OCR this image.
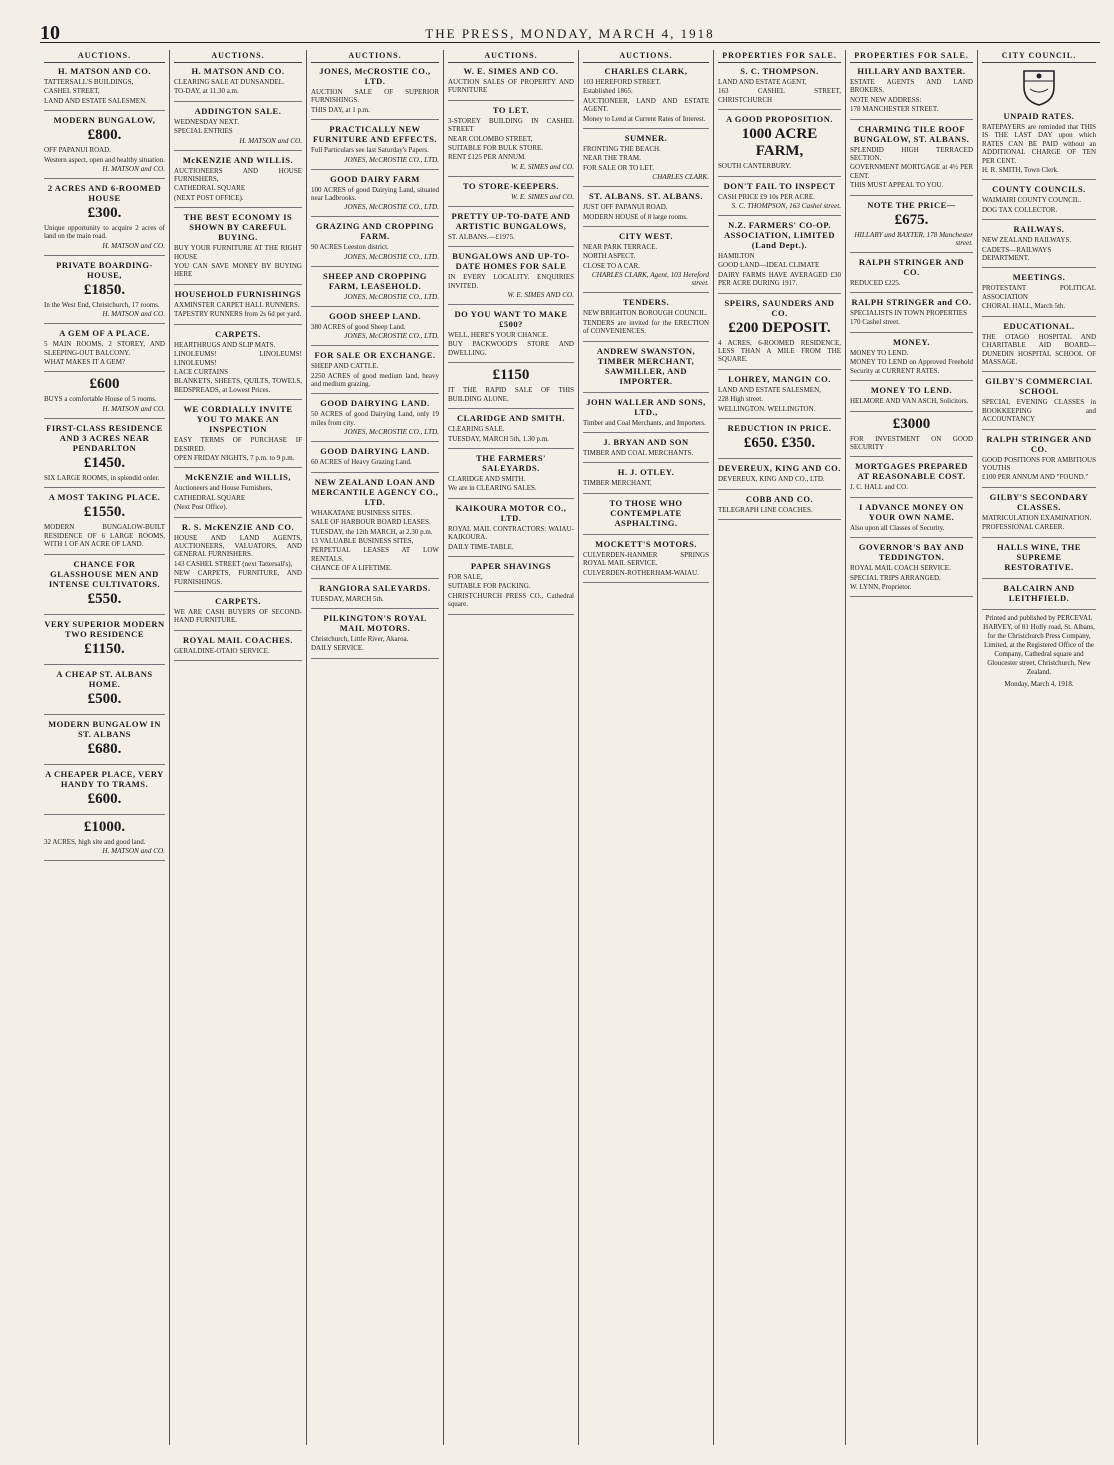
10	THE PRESS, MONDAY, MARCH 4, 1918
AUCTIONS.
H. MATSON AND CO.
TATTERSALL'S BUILDINGS,
CASHEL STREET,
LAND AND ESTATE SALESMEN.
MODERN BUNGALOW,
£800.
OFF PAPANUI ROAD.
Western aspect, open and healthy situation.
H. MATSON and CO.
2 ACRES AND 6-ROOMED HOUSE
£300.
Unique opportunity to acquire 2 acres of land on the main road.
H. MATSON and CO.
PRIVATE BOARDING-HOUSE,
£1850.
In the West End, Christchurch, 17 rooms.
H. MATSON and CO.
A GEM OF A PLACE.
5 MAIN ROOMS, 2 STOREY, AND SLEEPING-OUT BALCONY.
WHAT MAKES IT A GEM?
£600
BUYS a comfortable House of 5 rooms.
H. MATSON and CO.
FIRST-CLASS RESIDENCE AND 3 ACRES NEAR PENDARLTON
£1450.
SIX LARGE ROOMS, in splendid order.
A MOST TAKING PLACE.
£1550.
MODERN BUNGALOW-BUILT RESIDENCE OF 6 LARGE ROOMS, WITH 1 OF AN ACRE OF LAND.
CHANCE FOR GLASSHOUSE MEN AND INTENSE CULTIVATORS.
£550.
VERY SUPERIOR MODERN TWO RESIDENCE
£1150.
A CHEAP ST. ALBANS HOME.
£500.
MODERN BUNGALOW IN ST. ALBANS
£680.
A CHEAPER PLACE, VERY HANDY TO TRAMS.
£600.
£1000.
32 ACRES, high site and good land.
H. MATSON and CO.
AUCTIONS.
H. MATSON AND CO.
CLEARING SALE AT DUNSANDEL.
TO-DAY, at 11.30 a.m.
ADDINGTON SALE.
WEDNESDAY NEXT.
SPECIAL ENTRIES
H. MATSON and CO.
McKENZIE AND WILLIS.
AUCTIONEERS AND HOUSE FURNISHERS,
CATHEDRAL SQUARE
(NEXT POST OFFICE).
THE BEST ECONOMY IS SHOWN BY CAREFUL BUYING.
BUY YOUR FURNITURE AT THE RIGHT HOUSE
YOU CAN SAVE MONEY BY BUYING HERE
HOUSEHOLD FURNISHINGS
AXMINSTER CARPET HALL RUNNERS.
TAPESTRY RUNNERS from 2s 6d per yard.
CARPETS.
HEARTHRUGS AND SLIP MATS.
LINOLEUMS! LINOLEUMS! LINOLEUMS!
LACE CURTAINS
BLANKETS, SHEETS, QUILTS, TOWELS, BEDSPREADS, at Lowest Prices.
WE CORDIALLY INVITE YOU TO MAKE AN INSPECTION
EASY TERMS OF PURCHASE IF DESIRED.
OPEN FRIDAY NIGHTS, 7 p.m. to 9 p.m.
McKENZIE and WILLIS,
Auctioneers and House Furnishers,
CATHEDRAL SQUARE
(Next Post Office).
R. S. McKENZIE AND CO.
HOUSE AND LAND AGENTS, AUCTIONEERS, VALUATORS, AND GENERAL FURNISHERS.
143 CASHEL STREET (next Tattersall's),
NEW CARPETS, FURNITURE, AND FURNISHINGS.
CARPETS.
WE ARE CASH BUYERS OF SECOND-HAND FURNITURE.
ROYAL MAIL COACHES.
GERALDINE-OTAIO SERVICE.
AUCTIONS.
JONES, McCROSTIE CO., LTD.
AUCTION SALE OF SUPERIOR FURNISHINGS.
THIS DAY, at 1 p.m.
PRACTICALLY NEW FURNITURE AND EFFECTS.
Full Particulars see last Saturday's Papers.
JONES, McCROSTIE CO., LTD.
GOOD DAIRY FARM
100 ACRES of good Dairying Land, situated near Ladbrooks.
JONES, McCROSTIE CO., LTD.
GRAZING AND CROPPING FARM.
90 ACRES Leeston district.
JONES, McCROSTIE CO., LTD.
SHEEP AND CROPPING FARM, LEASEHOLD.
JONES, McCROSTIE CO., LTD.
GOOD SHEEP LAND.
380 ACRES of good Sheep Land.
JONES, McCROSTIE CO., LTD.
FOR SALE OR EXCHANGE.
SHEEP AND CATTLE.
2250 ACRES of good medium land, heavy and medium grazing.
GOOD DAIRYING LAND.
50 ACRES of good Dairying Land, only 19 miles from city.
JONES, McCROSTIE CO., LTD.
GOOD DAIRYING LAND.
60 ACRES of Heavy Grazing Land.
NEW ZEALAND LOAN AND MERCANTILE AGENCY CO., LTD.
WHAKATANE BUSINESS SITES.
SALE OF HARBOUR BOARD LEASES.
TUESDAY, the 12th MARCH, at 2.30 p.m.
13 VALUABLE BUSINESS SITES,
PERPETUAL LEASES AT LOW RENTALS.
CHANCE OF A LIFETIME.
RANGIORA SALEYARDS.
TUESDAY, MARCH 5th.
PILKINGTON'S ROYAL MAIL MOTORS.
Christchurch, Little River, Akaroa.
DAILY SERVICE.
AUCTIONS.
W. E. SIMES AND CO.
AUCTION SALES OF PROPERTY AND FURNITURE
TO LET.
3-STOREY BUILDING IN CASHEL STREET
NEAR COLOMBO STREET,
SUITABLE FOR BULK STORE.
RENT £125 PER ANNUM.
W. E. SIMES and CO.
TO STORE-KEEPERS.
W. E. SIMES and CO.
PRETTY UP-TO-DATE AND ARTISTIC BUNGALOWS,
ST. ALBANS.—£1975.
BUNGALOWS AND UP-TO-DATE HOMES FOR SALE
IN EVERY LOCALITY. ENQUIRIES INVITED.
W. E. SIMES AND CO.
DO YOU WANT TO MAKE £500?
WELL, HERE'S YOUR CHANCE.
BUY PACKWOOD'S STORE AND DWELLING.
£1150
IT THE RAPID SALE OF THIS BUILDING ALONE.
CLARIDGE AND SMITH.
CLEARING SALE.
TUESDAY, MARCH 5th, 1.30 p.m.
THE FARMERS' SALEYARDS.
CLARIDGE AND SMITH.
We are in CLEARING SALES.
KAIKOURA MOTOR CO., LTD.
ROYAL MAIL CONTRACTORS: WAIAU-KAIKOURA.
DAILY TIME-TABLE.
PAPER SHAVINGS
FOR SALE,
SUITABLE FOR PACKING.
CHRISTCHURCH PRESS CO., Cathedral square.
AUCTIONS.
CHARLES CLARK,
103 HEREFORD STREET.
Established 1865.
AUCTIONEER, LAND AND ESTATE AGENT.
Money to Lend at Current Rates of Interest.
SUMNER.
FRONTING THE BEACH.
NEAR THE TRAM.
FOR SALE OR TO LET.
CHARLES CLARK.
ST. ALBANS. ST. ALBANS.
JUST OFF PAPANUI ROAD.
MODERN HOUSE of 8 large rooms.
CITY WEST.
NEAR PARK TERRACE.
NORTH ASPECT.
CLOSE TO A CAR.
CHARLES CLARK, Agent, 103 Hereford street.
TENDERS.
NEW BRIGHTON BOROUGH COUNCIL.
TENDERS are invited for the ERECTION of CONVENIENCES.
ANDREW SWANSTON, TIMBER MERCHANT, SAWMILLER, AND IMPORTER.
JOHN WALLER AND SONS, LTD.,
Timber and Coal Merchants, and Importers.
J. BRYAN AND SON
TIMBER AND COAL MERCHANTS.
H. J. OTLEY.
TIMBER MERCHANT,
TO THOSE WHO CONTEMPLATE ASPHALTING.
MOCKETT'S MOTORS.
CULVERDEN-HANMER SPRINGS ROYAL MAIL SERVICE.
CULVERDEN-ROTHERHAM-WAIAU.
PROPERTIES FOR SALE.
S. C. THOMPSON.
LAND AND ESTATE AGENT,
163 CASHEL STREET, CHRISTCHURCH
A GOOD PROPOSITION.
1000 ACRE FARM,
SOUTH CANTERBURY.
DON'T FAIL TO INSPECT
CASH PRICE £9 10s PER ACRE.
S. C. THOMPSON, 163 Cashel street.
N.Z. FARMERS' CO-OP. ASSOCIATION, LIMITED (Land Dept.).
HAMILTON
GOOD LAND—IDEAL CLIMATE
DAIRY FARMS HAVE AVERAGED £30 PER ACRE DURING 1917.
SPEIRS, SAUNDERS AND CO.
£200 DEPOSIT.
4 ACRES, 6-ROOMED RESIDENCE, LESS THAN A MILE FROM THE SQUARE.
LOHREY, MANGIN CO.
LAND AND ESTATE SALESMEN,
228 High street.
WELLINGTON. WELLINGTON.
REDUCTION IN PRICE.
£650. £350.
DEVEREUX, KING AND CO.
DEVEREUX, KING AND CO., LTD.
COBB AND CO.
TELEGRAPH LINE COACHES.
PROPERTIES FOR SALE.
HILLARY AND BAXTER.
ESTATE AGENTS AND LAND BROKERS.
NOTE NEW ADDRESS:
178 MANCHESTER STREET.
CHARMING TILE ROOF BUNGALOW, ST. ALBANS.
SPLENDID HIGH TERRACED SECTION.
GOVERNMENT MORTGAGE at 4½ PER CENT.
THIS MUST APPEAL TO YOU.
NOTE THE PRICE—
£675.
HILLARY and BAXTER, 178 Manchester street.
RALPH STRINGER AND CO.
REDUCED £225.
RALPH STRINGER and CO.
SPECIALISTS IN TOWN PROPERTIES
170 Cashel street.
MONEY.
MONEY TO LEND.
MONEY TO LEND on Approved Freehold Security at CURRENT RATES.
MONEY TO LEND.
HELMORE AND VAN ASCH, Solicitors.
£3000
FOR INVESTMENT ON GOOD SECURITY
MORTGAGES PREPARED AT REASONABLE COST.
J. C. HALL and CO.
I ADVANCE MONEY ON YOUR OWN NAME.
Also upon all Classes of Security.
GOVERNOR'S BAY AND TEDDINGTON.
ROYAL MAIL COACH SERVICE.
SPECIAL TRIPS ARRANGED.
W. LYNN, Proprietor.
CITY COUNCIL.
UNPAID RATES.
RATEPAYERS are reminded that THIS IS THE LAST DAY upon which RATES CAN BE PAID without an ADDITIONAL CHARGE OF TEN PER CENT.
H. R. SMITH, Town Clerk.
COUNTY COUNCILS.
WAIMAIRI COUNTY COUNCIL.
DOG TAX COLLECTOR.
RAILWAYS.
NEW ZEALAND RAILWAYS.
CADETS—RAILWAYS DEPARTMENT.
MEETINGS.
PROTESTANT POLITICAL ASSOCIATION
CHORAL HALL, March 5th.
EDUCATIONAL.
THE OTAGO HOSPITAL AND CHARITABLE AID BOARD—DUNEDIN HOSPITAL SCHOOL OF MASSAGE.
GILBY'S COMMERCIAL SCHOOL
SPECIAL EVENING CLASSES in BOOKKEEPING and ACCOUNTANCY
RALPH STRINGER AND CO.
GOOD POSITIONS FOR AMBITIOUS YOUTHS
£100 PER ANNUM AND "FOUND."
GILBY'S SECONDARY CLASSES.
MATRICULATION EXAMINATION.
PROFESSIONAL CAREER.
HALLS WINE, THE SUPREME RESTORATIVE.
BALCAIRN AND LEITHFIELD.
Printed and published by PERCEVAL HARVEY, of 81 Holly road, St. Albans, for the Christchurch Press Company, Limited, at the Registered Office of the Company, Cathedral square and Gloucester street, Christchurch, New Zealand.
Monday, March 4, 1918.
